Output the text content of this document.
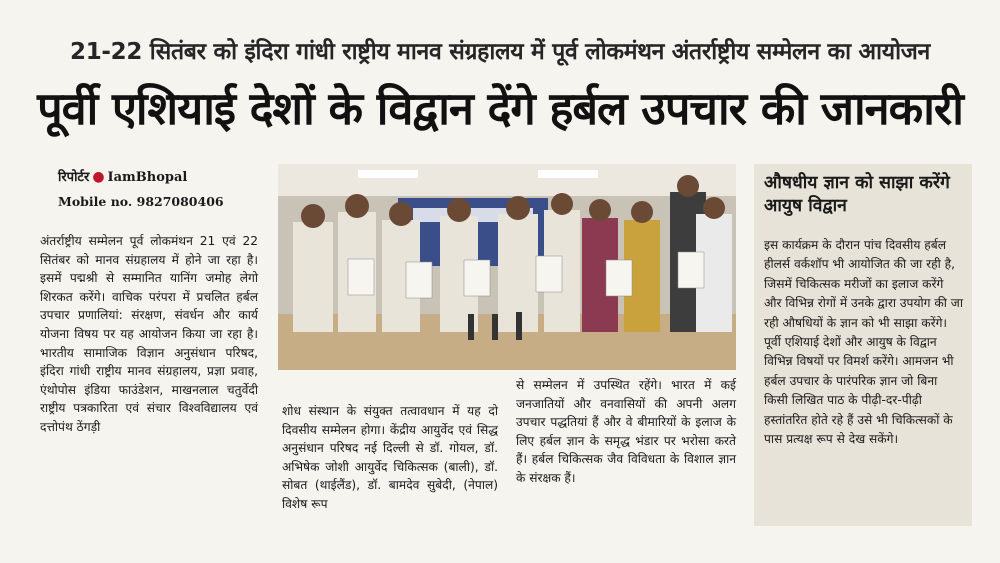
21-22 सितंबर को इंदिरा गांधी राष्ट्रीय मानव संग्रहालय में पूर्व लोकमंथन अंतर्राष्ट्रीय सम्मेलन का आयोजन
पूर्वी एशियाई देशों के विद्वान देंगे हर्बल उपचार की जानकारी
रिपोर्टर ● IamBhopal
Mobile no. 9827080406
अंतर्राष्ट्रीय सम्मेलन पूर्व लोकमंथन 21 एवं 22 सितंबर को मानव संग्रहालय में होने जा रहा है। इसमें पद्मश्री से सम्मानित यानिंग जमोह लेगो शिरकत करेंगे। वाचिक परंपरा में प्रचलित हर्बल उपचार प्रणालियां: संरक्षण, संवर्धन और कार्य योजना विषय पर यह आयोजन किया जा रहा है। भारतीय सामाजिक विज्ञान अनुसंधान परिषद, इंदिरा गांधी राष्ट्रीय मानव संग्रहालय, प्रज्ञा प्रवाह, एंथोपोस इंडिया फाउंडेशन, माखनलाल चतुर्वेदी राष्ट्रीय पत्रकारिता एवं संचार विश्वविद्यालय एवं दत्तोपंथ ठेंगड़ी
शोध संस्थान के संयुक्त तत्वावधान में यह दो दिवसीय सम्मेलन होगा। केंद्रीय आयुर्वेद एवं सिद्ध अनुसंधान परिषद नई दिल्ली से डॉ. गोयल, डॉ. अभिषेक जोशी आयुर्वेद चिकित्सक (बाली), डॉ. सोबत (थाईलैंड), डॉ. बामदेव सुबेदी, (नेपाल) विशेष रूप
से सम्मेलन में उपस्थित रहेंगे। भारत में कई जनजातियों और वनवासियों की अपनी अलग उपचार पद्धतियां हैं और वे बीमारियों के इलाज के लिए हर्बल ज्ञान के समृद्ध भंडार पर भरोसा करते हैं। हर्बल चिकित्सक जैव विविधता के विशाल ज्ञान के संरक्षक हैं।
औषधीय ज्ञान को साझा करेंगे आयुष विद्वान
इस कार्यक्रम के दौरान पांच दिवसीय हर्बल हीलर्स वर्कशॉप भी आयोजित की जा रही है, जिसमें चिकित्सक मरीजों का इलाज करेंगे और विभिन्न रोगों में उनके द्वारा उपयोग की जा रही औषधियों के ज्ञान को भी साझा करेंगे। पूर्वी एशियाई देशों और आयुष के विद्वान विभिन्न विषयों पर विमर्श करेंगे। आमजन भी हर्बल उपचार के पारंपरिक ज्ञान जो बिना किसी लिखित पाठ के पीढ़ी-दर-पीढ़ी हस्तांतरित होते रहे हैं उसे भी चिकित्सकों के पास प्रत्यक्ष रूप से देख सकेंगे।
